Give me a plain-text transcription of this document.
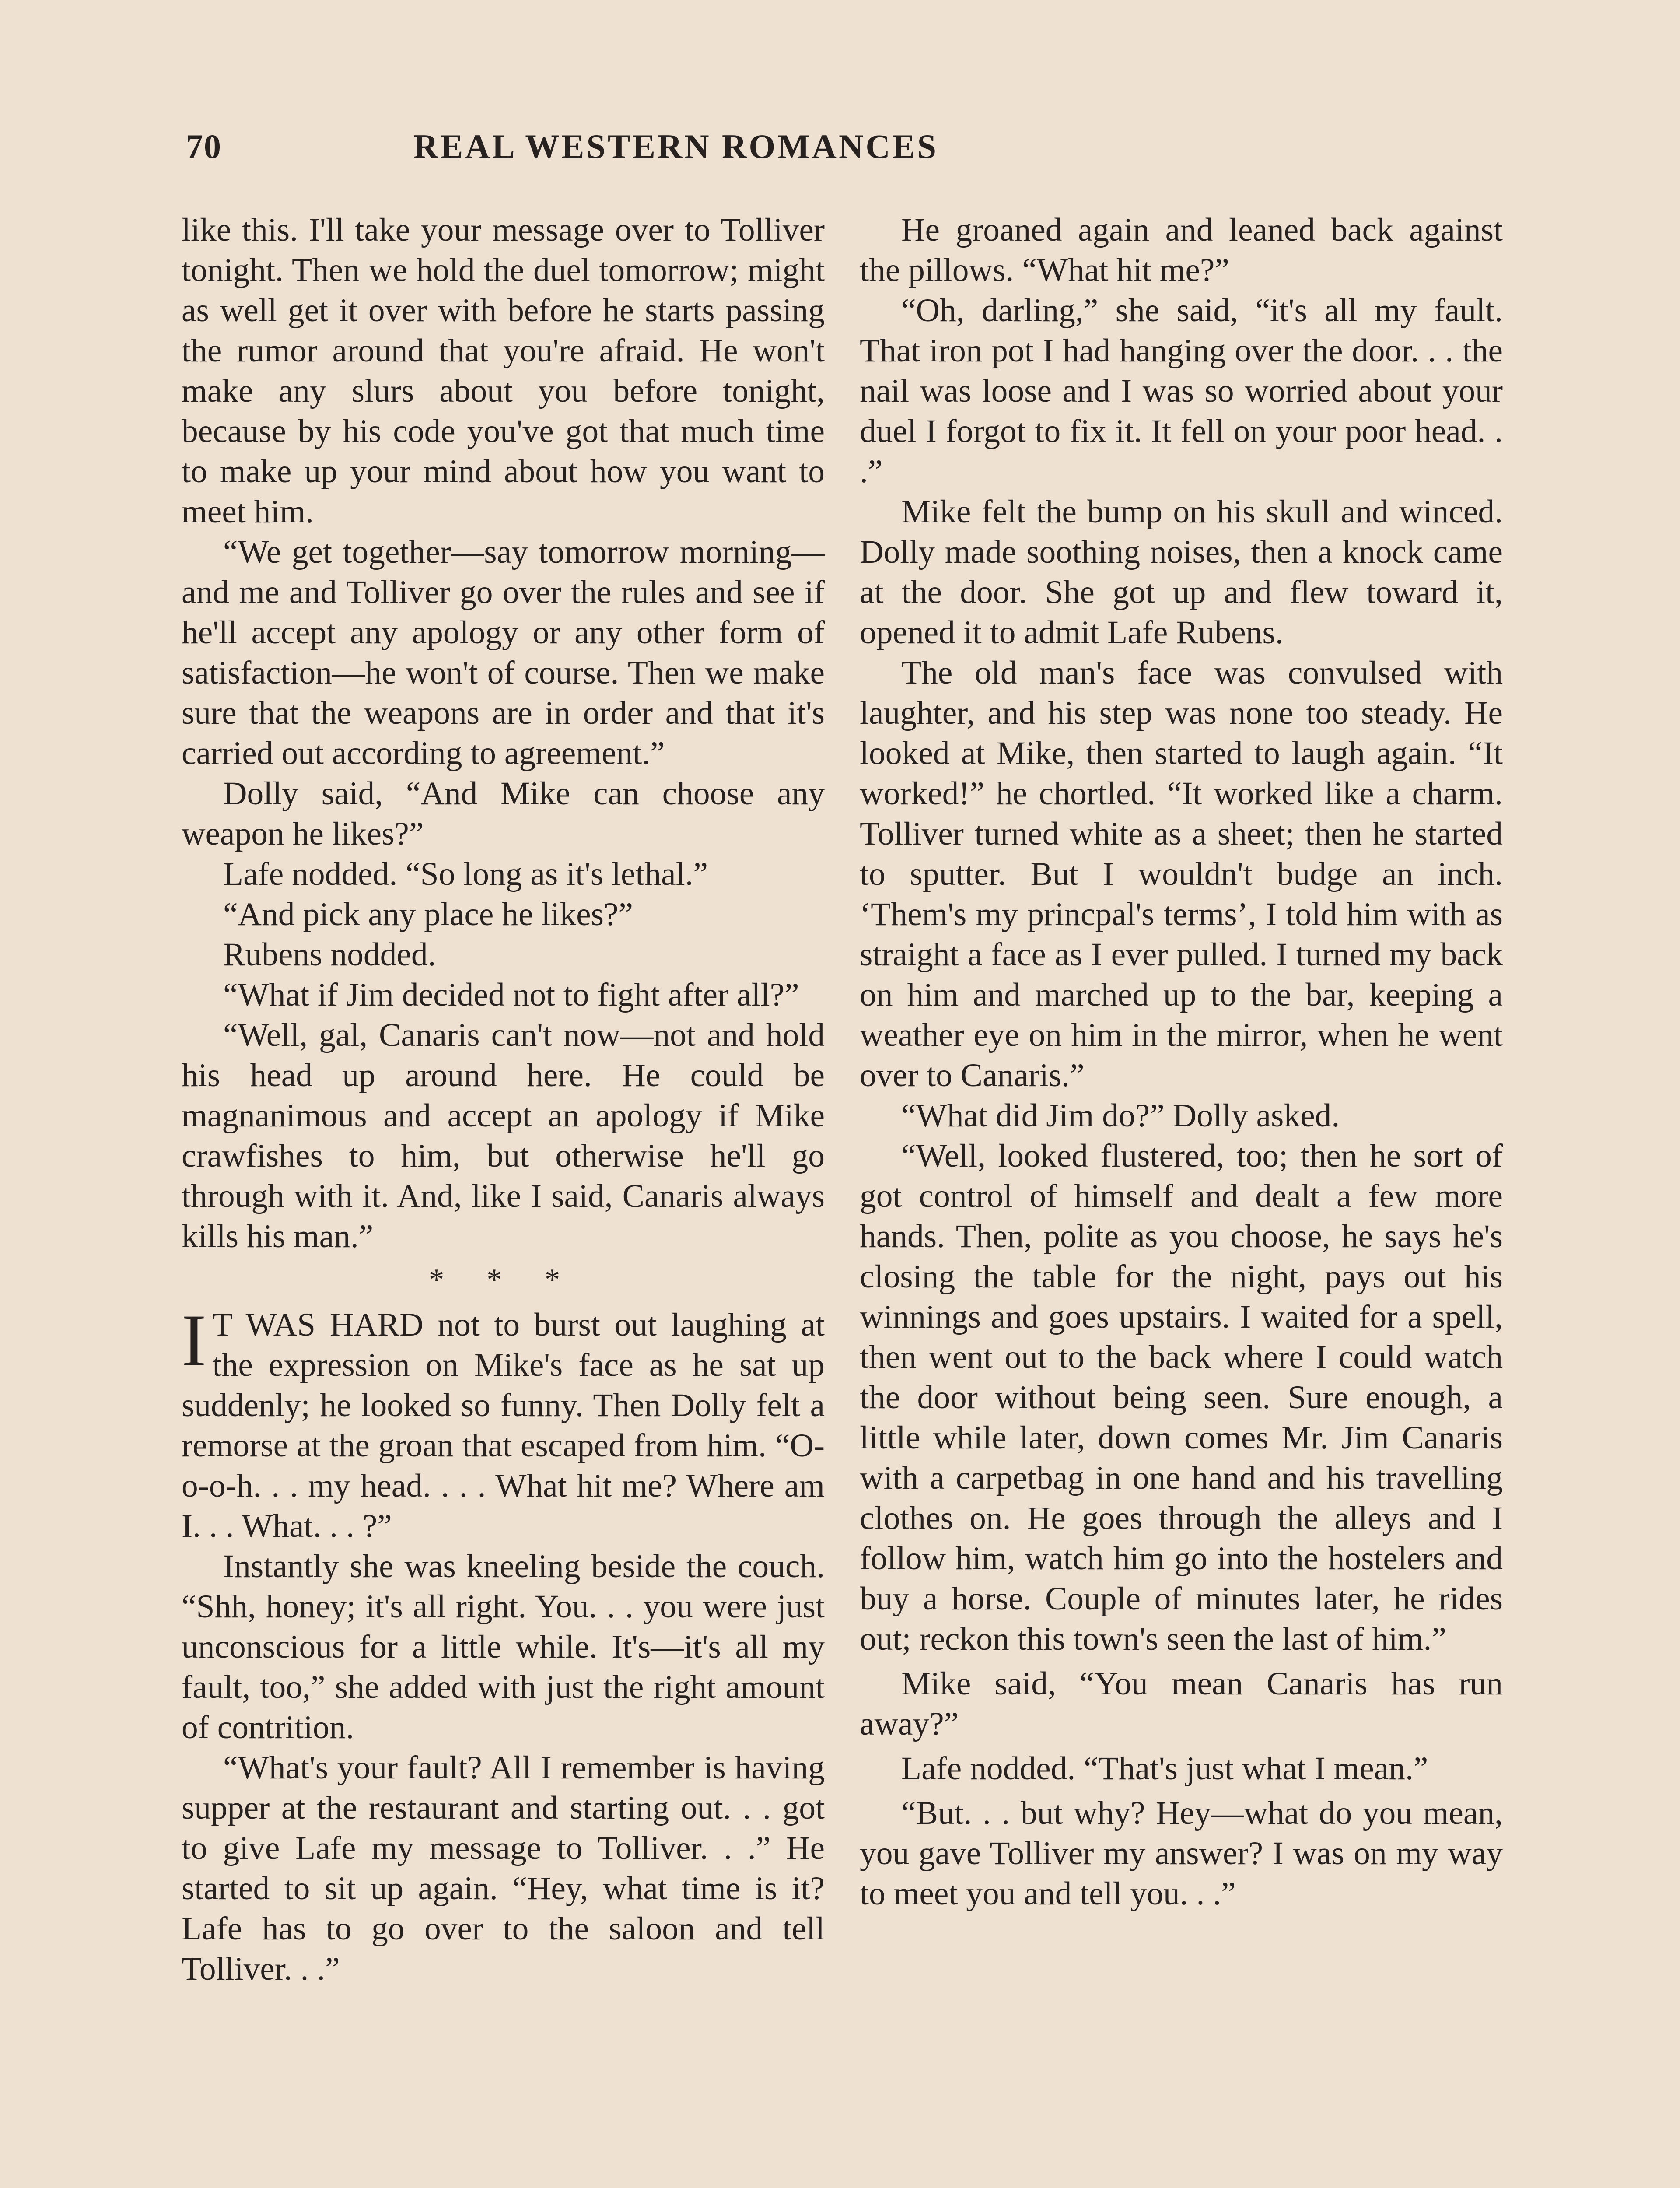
70	REAL WESTERN ROMANCES

like this. I'll take your message over to Tolliver tonight. Then we hold the duel tomorrow; might as well get it over with before he starts passing the rumor around that you're afraid. He won't make any slurs about you before tonight, because by his code you've got that much time to make up your mind about how you want to meet him.

“We get together—say tomorrow morning—and me and Tolliver go over the rules and see if he'll accept any apology or any other form of satisfaction—he won't of course. Then we make sure that the weapons are in order and that it's carried out according to agreement.”

Dolly said, “And Mike can choose any weapon he likes?”

Lafe nodded. “So long as it's lethal.”

“And pick any place he likes?”

Rubens nodded.

“What if Jim decided not to fight after all?”

“Well, gal, Canaris can't now—not and hold his head up around here. He could be magnanimous and accept an apology if Mike crawfishes to him, but otherwise he'll go through with it. And, like I said, Canaris always kills his man.”

* * *

I T WAS HARD not to burst out laughing at the expression on Mike's face as he sat up suddenly; he looked so funny. Then Dolly felt a remorse at the groan that escaped from him. “O-o-o-h. . . my head. . . . What hit me? Where am I. . . What. . . ?”

Instantly she was kneeling beside the couch. “Shh, honey; it's all right. You. . . you were just unconscious for a little while. It's—it's all my fault, too,” she added with just the right amount of contrition.

“What's your fault? All I remember is having supper at the restaurant and starting out. . . got to give Lafe my message to Tolliver. . .” He started to sit up again. “Hey, what time is it? Lafe has to go over to the saloon and tell Tolliver. . .”

He groaned again and leaned back against the pillows. “What hit me?”

“Oh, darling,” she said, “it's all my fault. That iron pot I had hanging over the door. . . the nail was loose and I was so worried about your duel I forgot to fix it. It fell on your poor head. . .”

Mike felt the bump on his skull and winced. Dolly made soothing noises, then a knock came at the door. She got up and flew toward it, opened it to admit Lafe Rubens.

The old man's face was convulsed with laughter, and his step was none too steady. He looked at Mike, then started to laugh again. “It worked!” he chortled. “It worked like a charm. Tolliver turned white as a sheet; then he started to sputter. But I wouldn't budge an inch. ‘Them's my princpal's terms’, I told him with as straight a face as I ever pulled. I turned my back on him and marched up to the bar, keeping a weather eye on him in the mirror, when he went over to Canaris.”

“What did Jim do?” Dolly asked.

“Well, looked flustered, too; then he sort of got control of himself and dealt a few more hands. Then, polite as you choose, he says he's closing the table for the night, pays out his winnings and goes upstairs. I waited for a spell, then went out to the back where I could watch the door without being seen. Sure enough, a little while later, down comes Mr. Jim Canaris with a carpetbag in one hand and his travelling clothes on. He goes through the alleys and I follow him, watch him go into the hostelers and buy a horse. Couple of minutes later, he rides out; reckon this town's seen the last of him.”

Mike said, “You mean Canaris has run away?”

Lafe nodded. “That's just what I mean.”

“But. . . but why? Hey—what do you mean, you gave Tolliver my answer? I was on my way to meet you and tell you. . .”
